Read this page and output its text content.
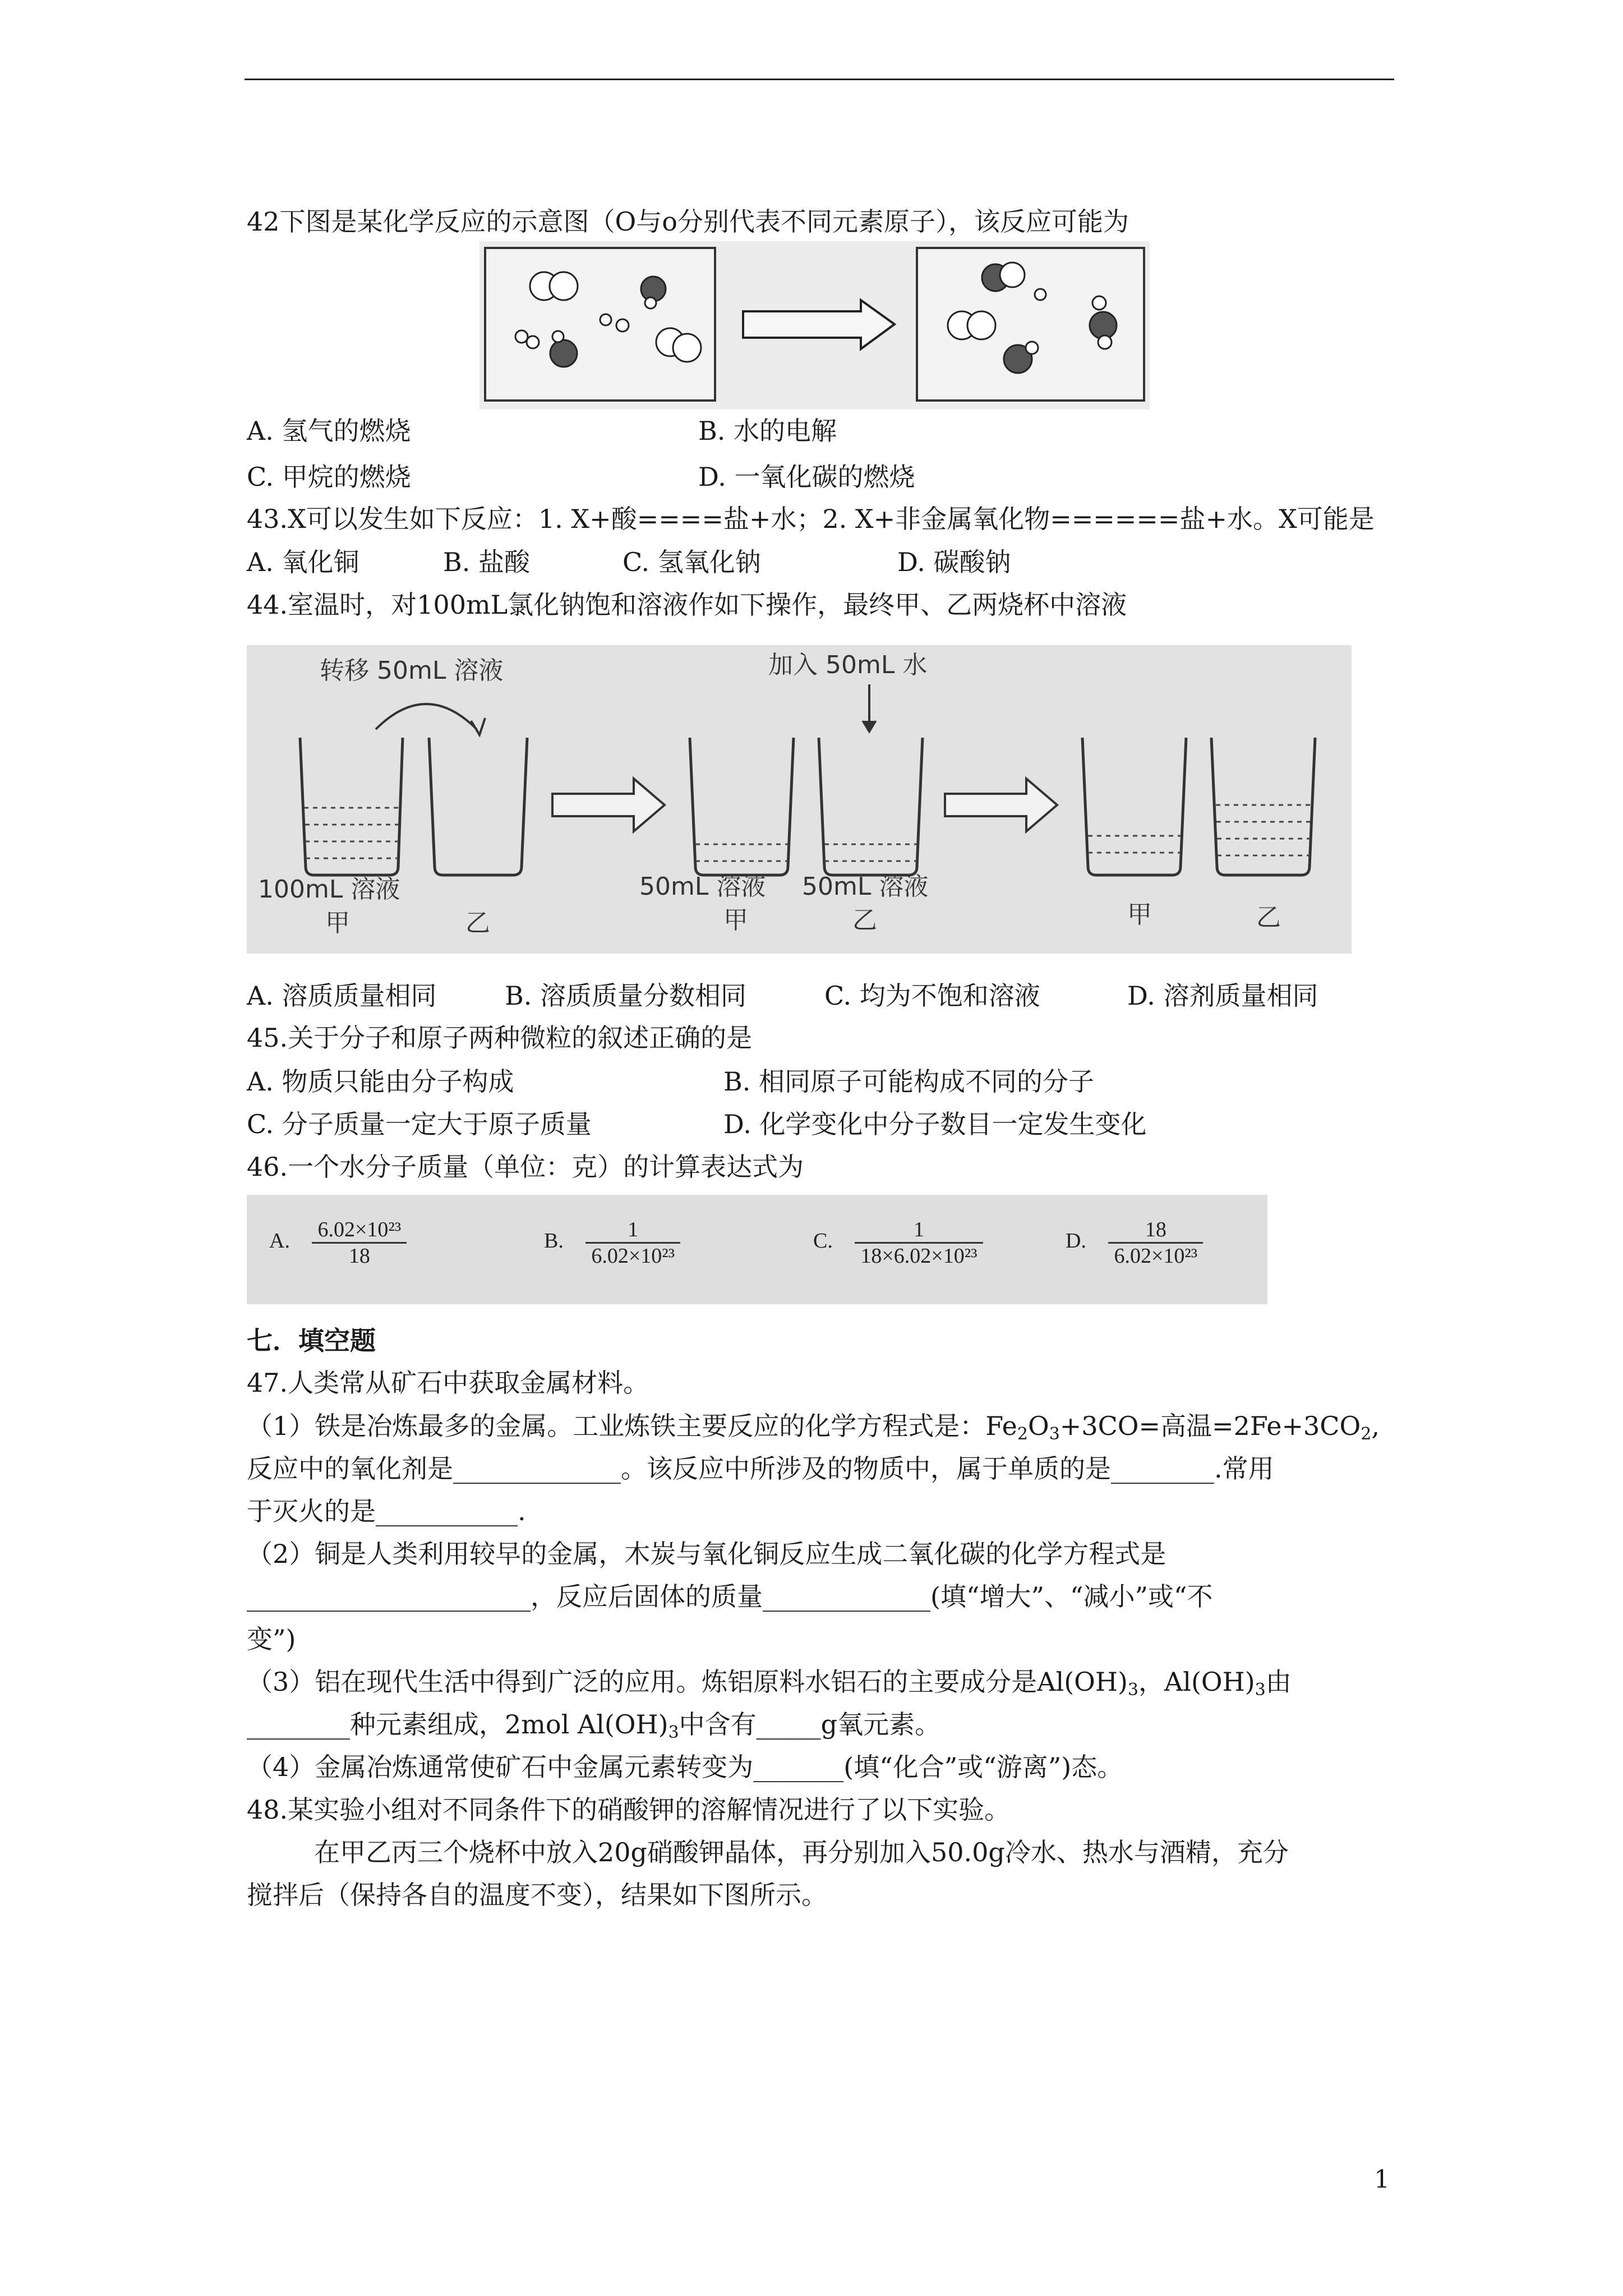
42下图是某化学反应的示意图（O与o分别代表不同元素原子），该反应可能为
A. 氢气的燃烧	B. 水的电解
C. 甲烷的燃烧	D. 一氧化碳的燃烧
43.X可以发生如下反应：1. X+酸====盐+水；2. X+非金属氧化物======盐+水。X可能是
A. 氧化铜	B. 盐酸	C. 氢氧化钠	D. 碳酸钠
44.室温时，对100mL氯化钠饱和溶液作如下操作，最终甲、乙两烧杯中溶液
转移 50mL 溶液	加入 50mL 水
100mL 溶液	50mL 溶液 50mL 溶液
甲	乙	甲	乙	甲	乙
A. 溶质质量相同	B. 溶质质量分数相同	C. 均为不饱和溶液	D. 溶剂质量相同
45.关于分子和原子两种微粒的叙述正确的是
A. 物质只能由分子构成	B. 相同原子可能构成不同的分子
C. 分子质量一定大于原子质量	D. 化学变化中分子数目一定发生变化
46.一个水分子质量（单位：克）的计算表达式为
A. $\frac{\text{6.02×10²³}}{18}$	B. $\frac{1}{\text{6.02×10²³}}$	C. $\frac{1}{\text{18×6.02×10²³}}$	D. $\frac{18}{\text{6.02×10²³}}$
七．填空题
47.人类常从矿石中获取金属材料。
（1）铁是冶炼最多的金属。工业炼铁主要反应的化学方程式是：$Fe_2O_3+3CO=$高温$=2Fe+3CO_2$,
反应中的氧化剂是_____________。该反应中所涉及的物质中，属于单质的是________.常用
于灭火的是___________.
（2）铜是人类利用较早的金属，木炭与氧化铜反应生成二氧化碳的化学方程式是
______________________，反应后固体的质量_____________(填“增大”、“减小”或“不
变”)
（3）铝在现代生活中得到广泛的应用。炼铝原料水铝石的主要成分是$Al(OH)_3$，$Al(OH)_3$由
________种元素组成，2mol $Al(OH)_3$中含有_____g氧元素。
（4）金属冶炼通常使矿石中金属元素转变为_______(填“化合”或“游离”)态。
48.某实验小组对不同条件下的硝酸钾的溶解情况进行了以下实验。
在甲乙丙三个烧杯中放入20g硝酸钾晶体，再分别加入50.0g冷水、热水与酒精，充分
搅拌后（保持各自的温度不变），结果如下图所示。
1
